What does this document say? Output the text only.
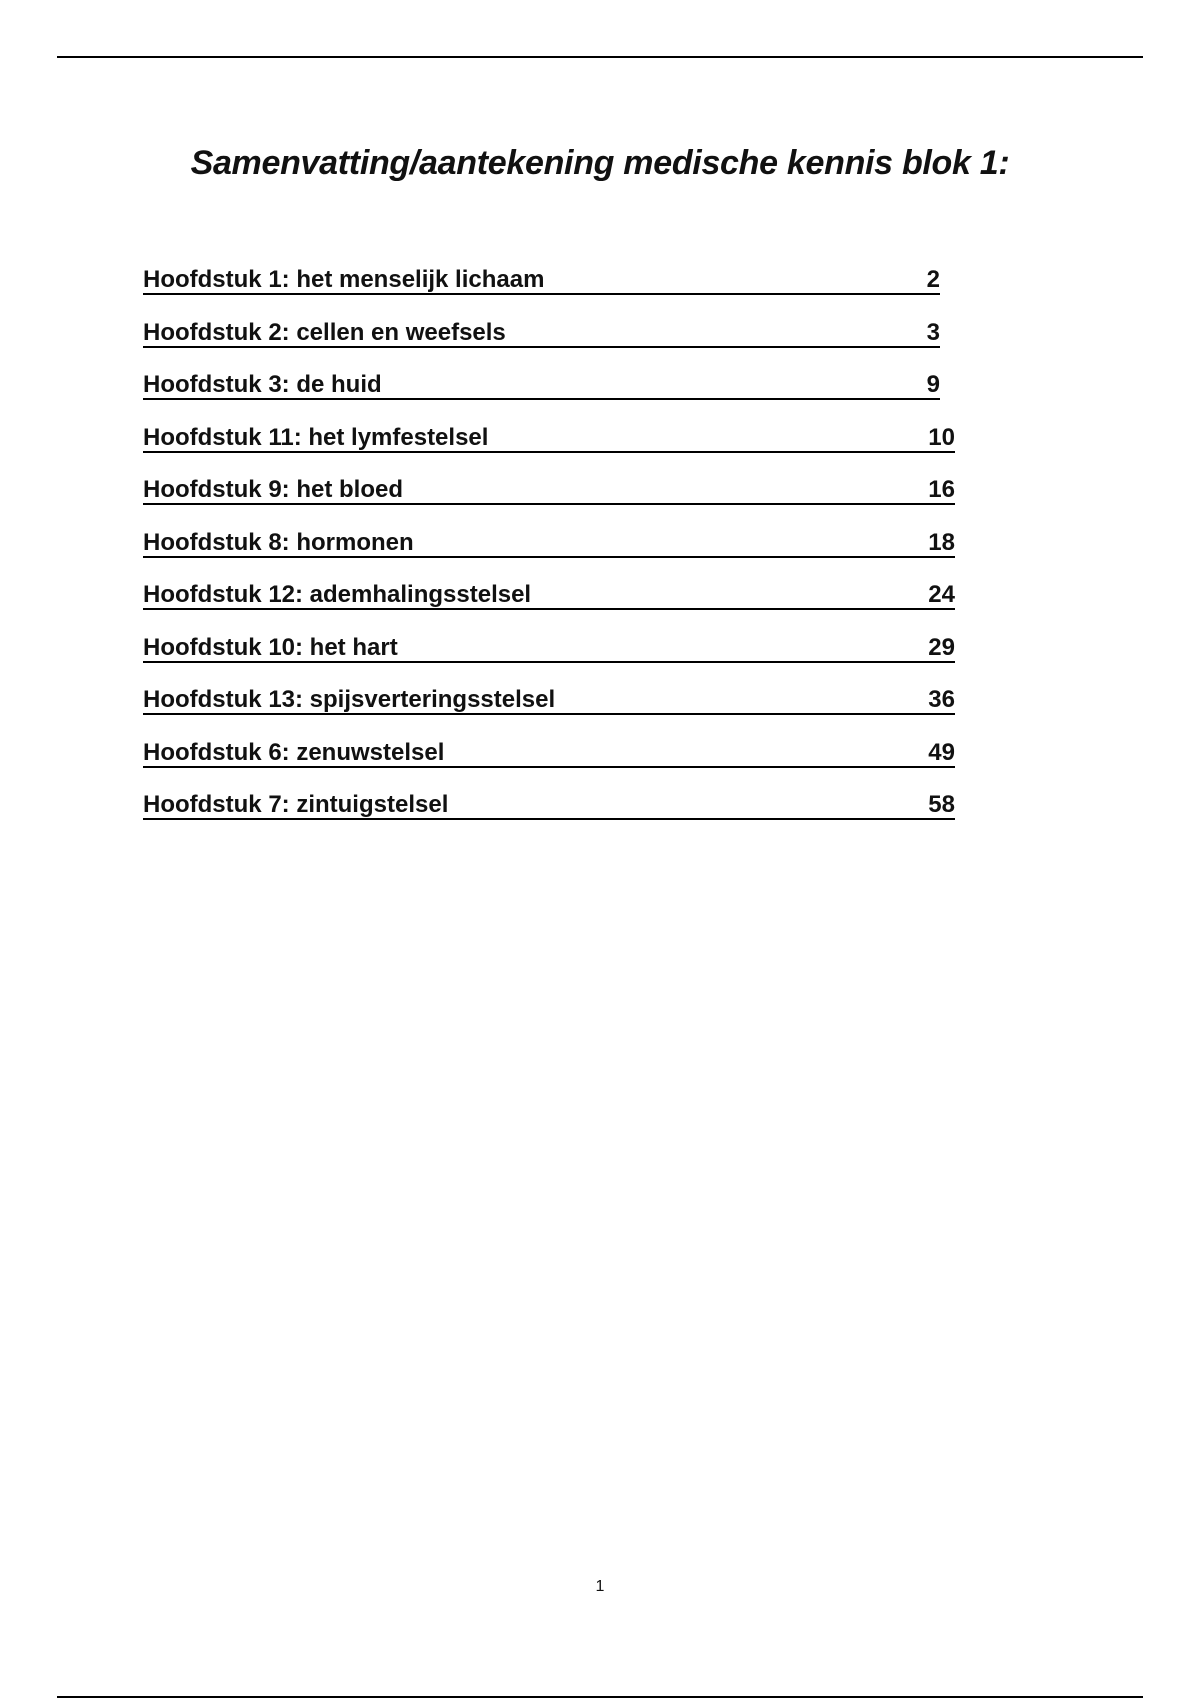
Samenvatting/aantekening medische kennis blok 1:
Hoofdstuk 1: het menselijk lichaam	2
Hoofdstuk 2: cellen en weefsels	3
Hoofdstuk 3: de huid	9
Hoofdstuk 11: het lymfestelsel	10
Hoofdstuk 9: het bloed	16
Hoofdstuk 8: hormonen	18
Hoofdstuk 12: ademhalingsstelsel	24
Hoofdstuk 10: het hart	29
Hoofdstuk 13: spijsverteringsstelsel	36
Hoofdstuk 6: zenuwstelsel	49
Hoofdstuk 7: zintuigstelsel	58

1
